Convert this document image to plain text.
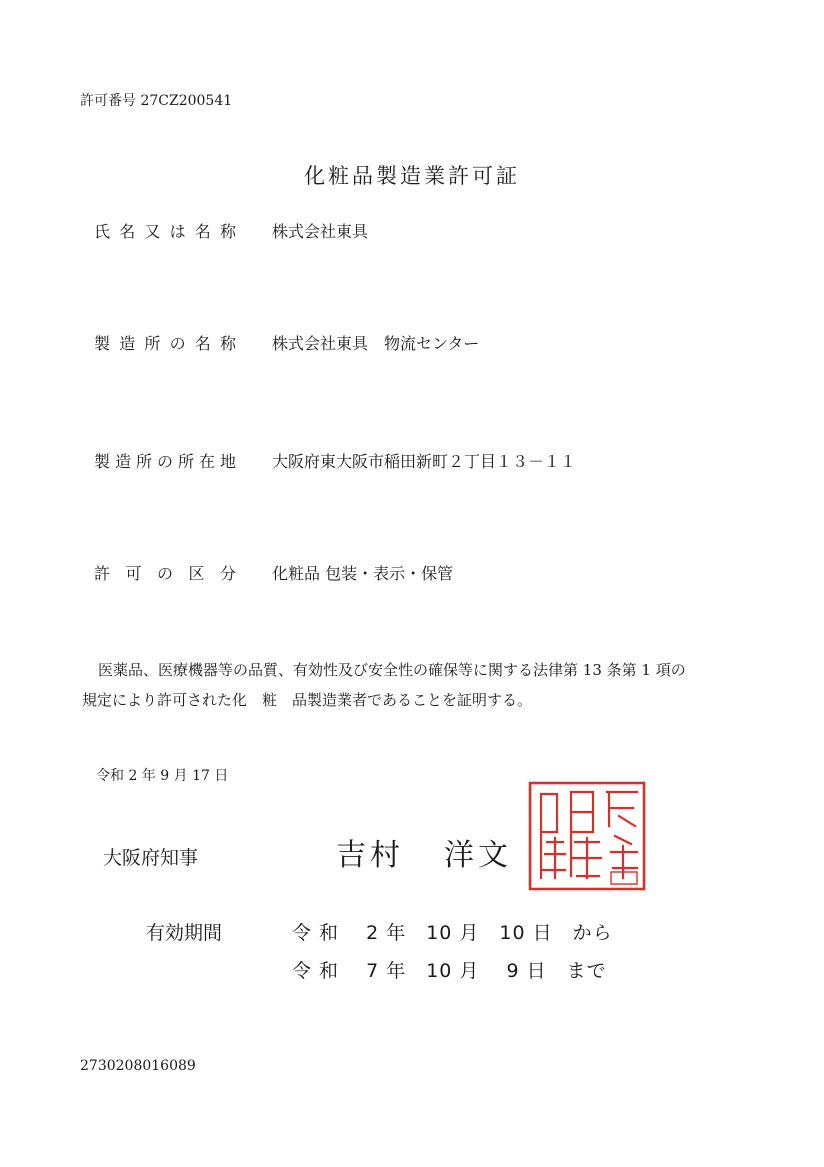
許可番号 27CZ200541
化粧品製造業許可証
氏名又は名称 株式会社東具
製造所の名称 株式会社東具　物流センター
製造所の所在地 大阪府東大阪市稲田新町２丁目１３－１１
許可の区分 化粧品 包装・表示・保管
医薬品、医療機器等の品質、有効性及び安全性の確保等に関する法律第 13 条第 1 項の
規定により許可された化　粧　品製造業者であることを証明する。
令和 2 年 9 月 17 日
大阪府知事	吉村 洋文
有効期間	令 和　 2 年　10 月　10 日　から
令 和　 7 年　10 月　 9 日　まで
2730208016089
